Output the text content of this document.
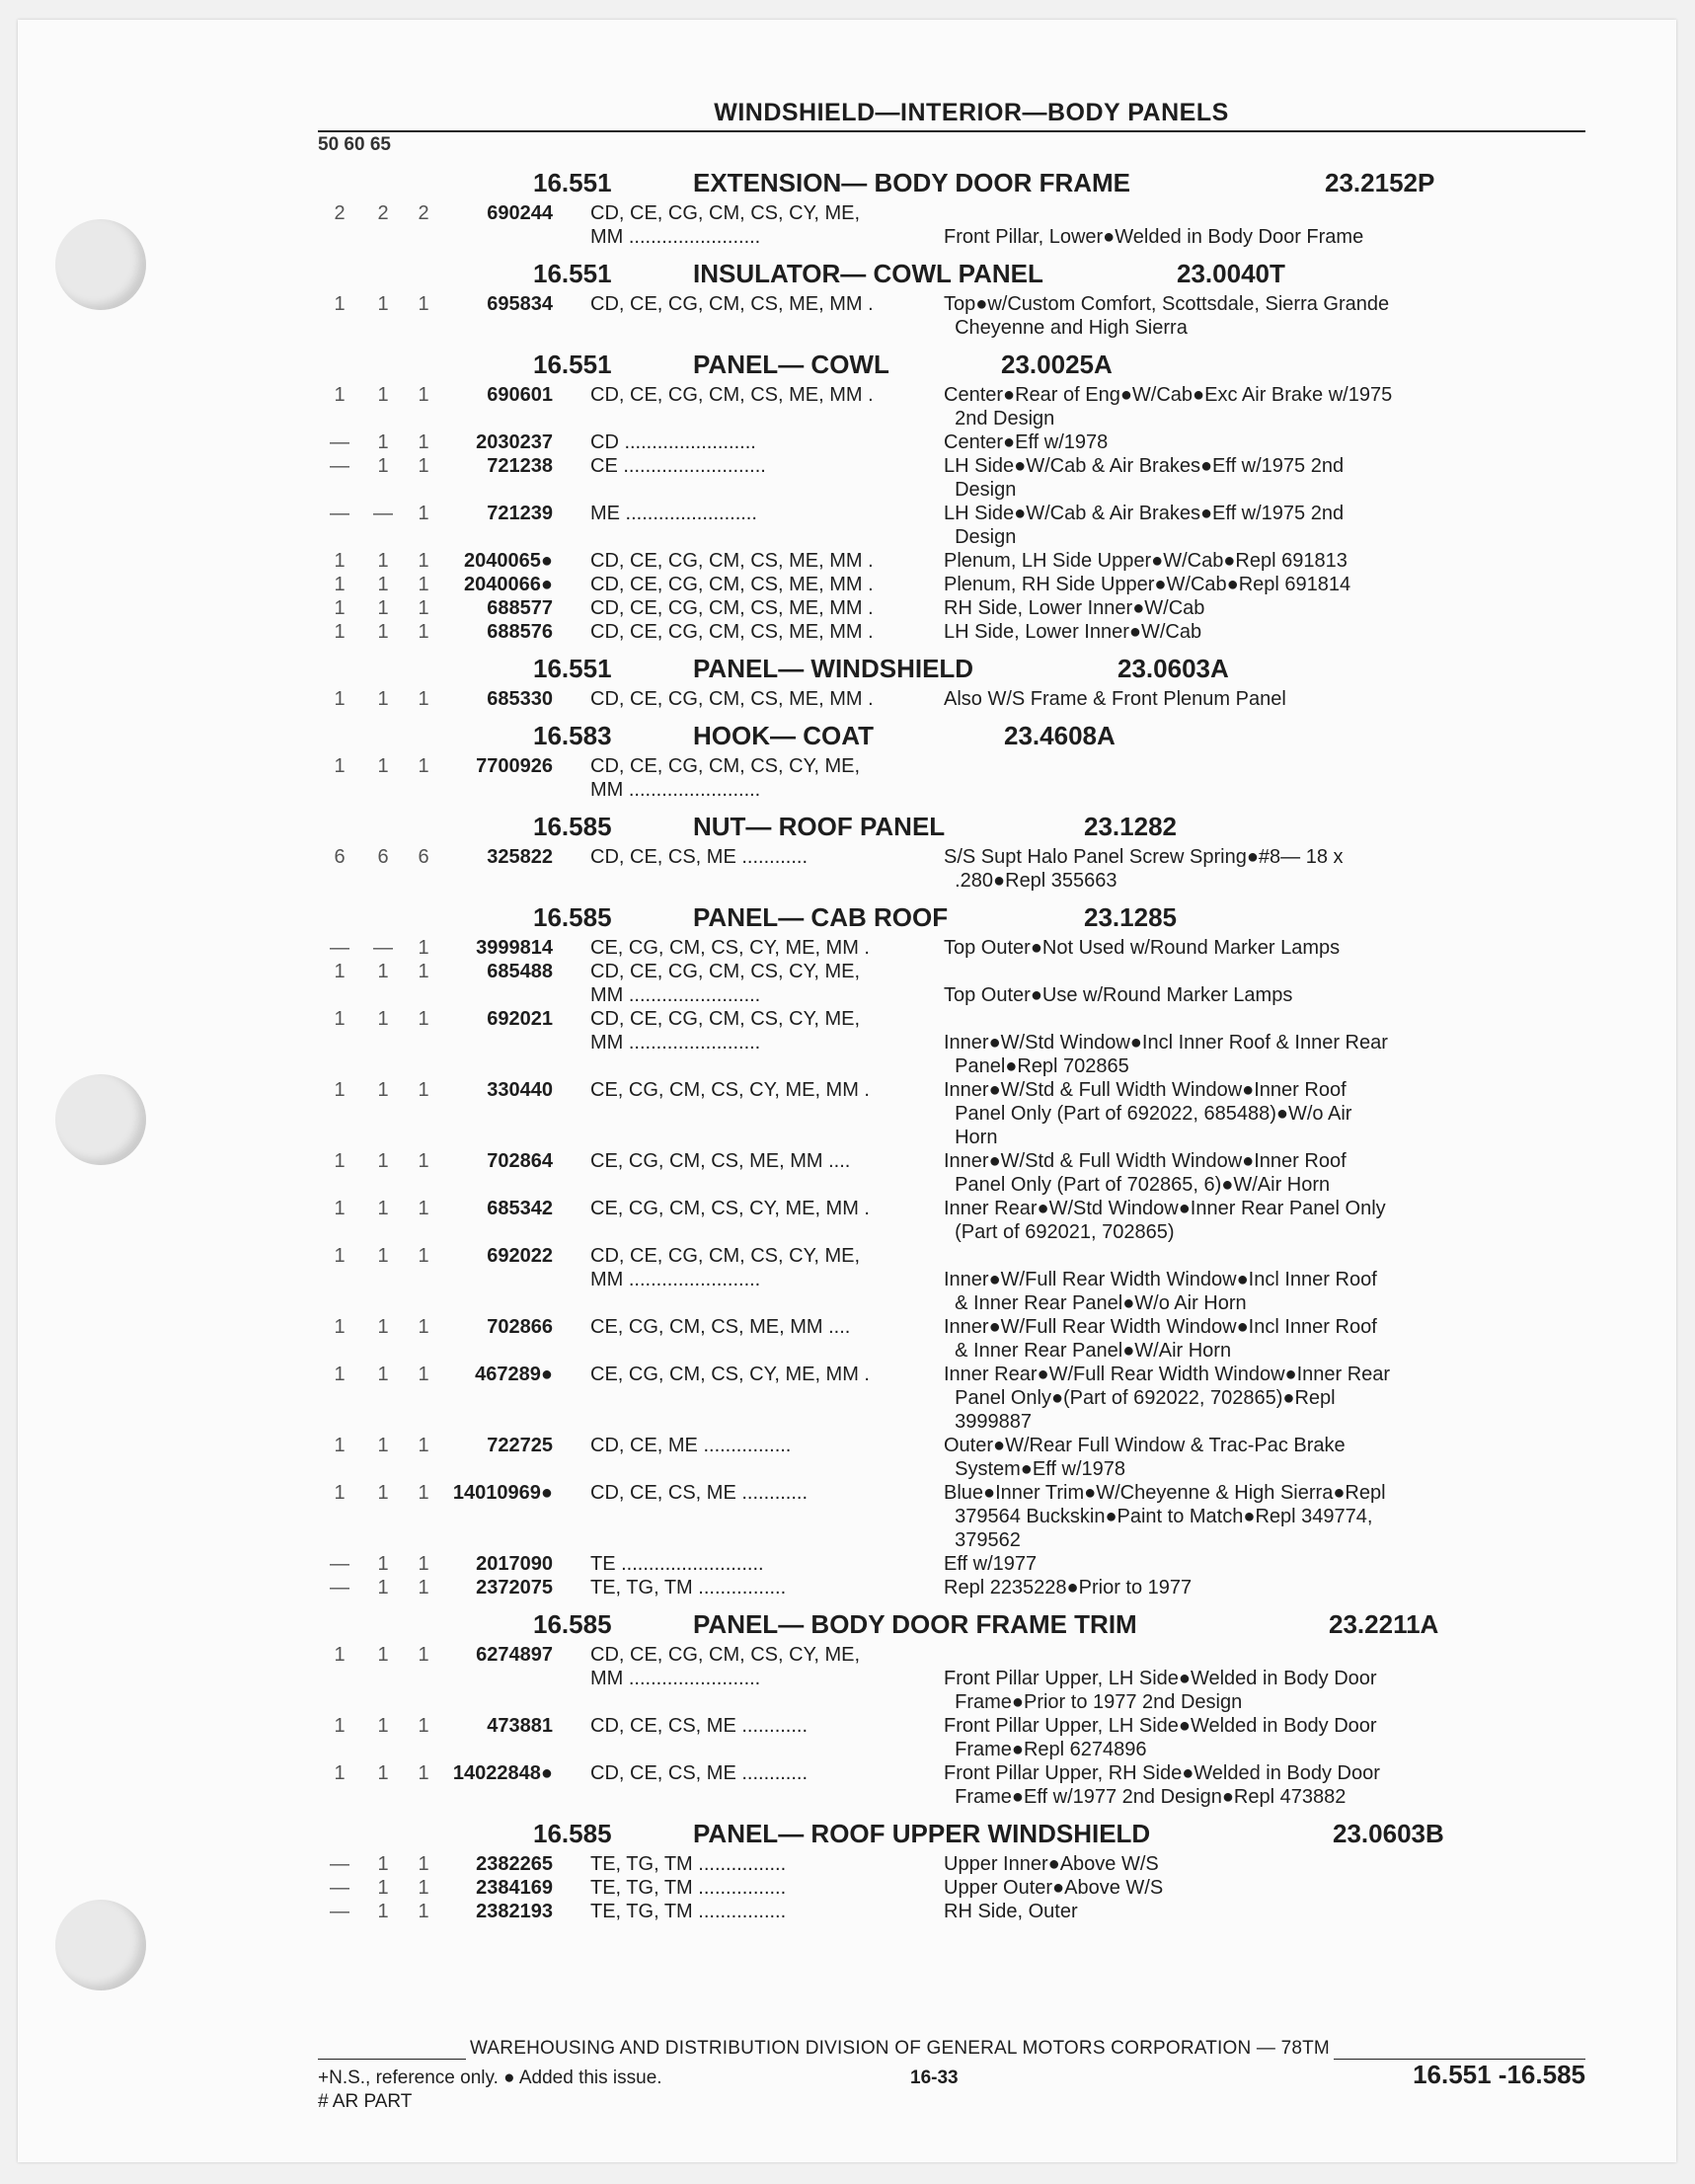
WINDSHIELD—INTERIOR—BODY PANELS
50 60 65
16.551	EXTENSION— BODY DOOR FRAME	23.2152P
2	2	2	690244	CD, CE, CG, CM, CS, CY, ME,
MM ........................	Front Pillar, Lower●Welded in Body Door Frame
16.551	INSULATOR— COWL PANEL	23.0040T
1	1	1	695834	CD, CE, CG, CM, CS, ME, MM .	Top●w/Custom Comfort, Scottsdale, Sierra Grande
Cheyenne and High Sierra
16.551	PANEL— COWL	23.0025A
1	1	1	690601	CD, CE, CG, CM, CS, ME, MM .	Center●Rear of Eng●W/Cab●Exc Air Brake w/1975
2nd Design
—	1	1	2030237	CD ........................	Center●Eff w/1978
—	1	1	721238	CE ..........................	LH Side●W/Cab & Air Brakes●Eff w/1975 2nd
Design
—	—	1	721239	ME ........................	LH Side●W/Cab & Air Brakes●Eff w/1975 2nd
Design
1	1	1	2040065●	CD, CE, CG, CM, CS, ME, MM .	Plenum, LH Side Upper●W/Cab●Repl 691813
1	1	1	2040066●	CD, CE, CG, CM, CS, ME, MM .	Plenum, RH Side Upper●W/Cab●Repl 691814
1	1	1	688577	CD, CE, CG, CM, CS, ME, MM .	RH Side, Lower Inner●W/Cab
1	1	1	688576	CD, CE, CG, CM, CS, ME, MM .	LH Side, Lower Inner●W/Cab
16.551	PANEL— WINDSHIELD	23.0603A
1	1	1	685330	CD, CE, CG, CM, CS, ME, MM .	Also W/S Frame & Front Plenum Panel
16.583	HOOK— COAT	23.4608A
1	1	1	7700926	CD, CE, CG, CM, CS, CY, ME,
MM ........................
16.585	NUT— ROOF PANEL	23.1282
6	6	6	325822	CD, CE, CS, ME ............	S/S Supt Halo Panel Screw Spring●#8— 18 x
.280●Repl 355663
16.585	PANEL— CAB ROOF	23.1285
—	—	1	3999814	CE, CG, CM, CS, CY, ME, MM .	Top Outer●Not Used w/Round Marker Lamps
1	1	1	685488	CD, CE, CG, CM, CS, CY, ME,
MM ........................	Top Outer●Use w/Round Marker Lamps
1	1	1	692021	CD, CE, CG, CM, CS, CY, ME,
MM ........................	Inner●W/Std Window●Incl Inner Roof & Inner Rear
Panel●Repl 702865
1	1	1	330440	CE, CG, CM, CS, CY, ME, MM .	Inner●W/Std & Full Width Window●Inner Roof
Panel Only (Part of 692022, 685488)●W/o Air
Horn
1	1	1	702864	CE, CG, CM, CS, ME, MM ....	Inner●W/Std & Full Width Window●Inner Roof
Panel Only (Part of 702865, 6)●W/Air Horn
1	1	1	685342	CE, CG, CM, CS, CY, ME, MM .	Inner Rear●W/Std Window●Inner Rear Panel Only
(Part of 692021, 702865)
1	1	1	692022	CD, CE, CG, CM, CS, CY, ME,
MM ........................	Inner●W/Full Rear Width Window●Incl Inner Roof
& Inner Rear Panel●W/o Air Horn
1	1	1	702866	CE, CG, CM, CS, ME, MM ....	Inner●W/Full Rear Width Window●Incl Inner Roof
& Inner Rear Panel●W/Air Horn
1	1	1	467289●	CE, CG, CM, CS, CY, ME, MM .	Inner Rear●W/Full Rear Width Window●Inner Rear
Panel Only●(Part of 692022, 702865)●Repl
3999887
1	1	1	722725	CD, CE, ME ................	Outer●W/Rear Full Window & Trac-Pac Brake
System●Eff w/1978
1	1	1	14010969●	CD, CE, CS, ME ............	Blue●Inner Trim●W/Cheyenne & High Sierra●Repl
379564 Buckskin●Paint to Match●Repl 349774,
379562
—	1	1	2017090	TE ..........................	Eff w/1977
—	1	1	2372075	TE, TG, TM ................	Repl 2235228●Prior to 1977
16.585	PANEL— BODY DOOR FRAME TRIM	23.2211A
1	1	1	6274897	CD, CE, CG, CM, CS, CY, ME,
MM ........................	Front Pillar Upper, LH Side●Welded in Body Door
Frame●Prior to 1977 2nd Design
1	1	1	473881	CD, CE, CS, ME ............	Front Pillar Upper, LH Side●Welded in Body Door
Frame●Repl 6274896
1	1	1	14022848●	CD, CE, CS, ME ............	Front Pillar Upper, RH Side●Welded in Body Door
Frame●Eff w/1977 2nd Design●Repl 473882
16.585	PANEL— ROOF UPPER WINDSHIELD	23.0603B
—	1	1	2382265	TE, TG, TM ................	Upper Inner●Above W/S
—	1	1	2384169	TE, TG, TM ................	Upper Outer●Above W/S
—	1	1	2382193	TE, TG, TM ................	RH Side, Outer
WAREHOUSING AND DISTRIBUTION DIVISION OF GENERAL MOTORS CORPORATION — 78TM
+N.S., reference only. ● Added this issue.
# AR PART
16-33	16.551 -16.585
